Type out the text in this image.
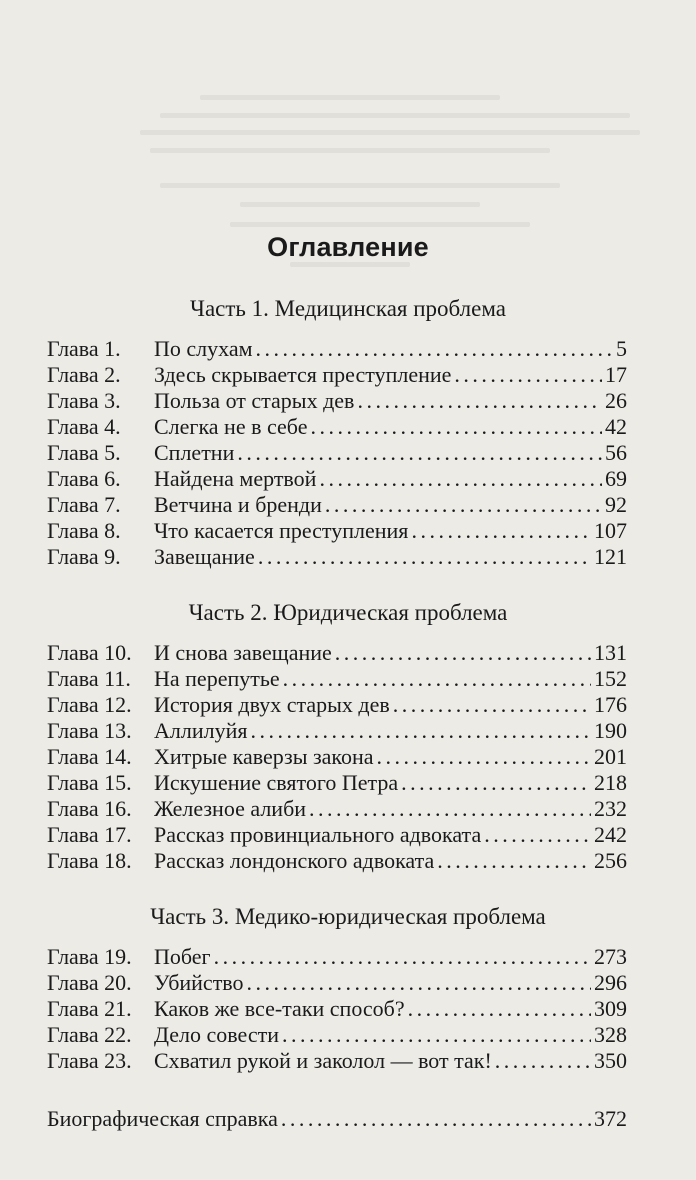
Оглавление
Часть 1. Медицинская проблема
Глава 1.	По слухам . . .	5
Глава 2.	Здесь скрывается преступление . . .	17
Глава 3.	Польза от старых дев . . .	26
Глава 4.	Слегка не в себе . . .	42
Глава 5.	Сплетни . . .	56
Глава 6.	Найдена мертвой . . .	69
Глава 7.	Ветчина и бренди . . .	92
Глава 8.	Что касается преступления . . .	107
Глава 9.	Завещание . . .	121
Часть 2. Юридическая проблема
Глава 10.	И снова завещание . . .	131
Глава 11.	На перепутье . . .	152
Глава 12.	История двух старых дев . . .	176
Глава 13.	Аллилуйя . . .	190
Глава 14.	Хитрые каверзы закона . . .	201
Глава 15.	Искушение святого Петра . . .	218
Глава 16.	Железное алиби . . .	232
Глава 17.	Рассказ провинциального адвоката . . .	242
Глава 18.	Рассказ лондонского адвоката . . .	256
Часть 3. Медико-юридическая проблема
Глава 19.	Побег . . .	273
Глава 20.	Убийство . . .	296
Глава 21.	Каков же все-таки способ? . . .	309
Глава 22.	Дело совести . . .	328
Глава 23.	Схватил рукой и заколол — вот так! . . .	350
Биографическая справка . . .	372
